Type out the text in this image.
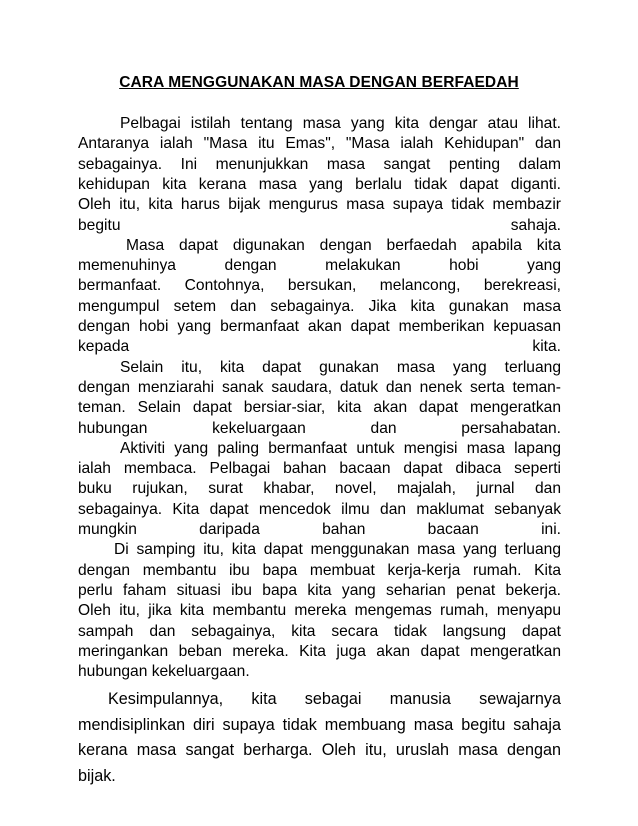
CARA MENGGUNAKAN MASA DENGAN BERFAEDAH
Pelbagai istilah tentang masa yang kita dengar atau lihat.
Antaranya ialah "Masa itu Emas", "Masa ialah Kehidupan" dan
sebagainya. Ini menunjukkan masa sangat penting dalam
kehidupan kita kerana masa yang berlalu tidak dapat diganti.
Oleh itu, kita harus bijak mengurus masa supaya tidak membazir
begitu sahaja.
Masa dapat digunakan dengan berfaedah apabila kita
memenuhinya dengan melakukan hobi yang
bermanfaat. Contohnya, bersukan, melancong, berekreasi,
mengumpul setem dan sebagainya. Jika kita gunakan masa
dengan hobi yang bermanfaat akan dapat memberikan kepuasan
kepada kita.
Selain itu, kita dapat gunakan masa yang terluang
dengan menziarahi sanak saudara, datuk dan nenek serta teman-
teman. Selain dapat bersiar-siar, kita akan dapat mengeratkan
hubungan kekeluargaan dan persahabatan.
Aktiviti yang paling bermanfaat untuk mengisi masa lapang
ialah membaca. Pelbagai bahan bacaan dapat dibaca seperti
buku rujukan, surat khabar, novel, majalah, jurnal dan
sebagainya. Kita dapat mencedok ilmu dan maklumat sebanyak
mungkin daripada bahan bacaan ini.
Di samping itu, kita dapat menggunakan masa yang terluang
dengan membantu ibu bapa membuat kerja-kerja rumah. Kita
perlu faham situasi ibu bapa kita yang seharian penat bekerja.
Oleh itu, jika kita membantu mereka mengemas rumah, menyapu
sampah dan sebagainya, kita secara tidak langsung dapat
meringankan beban mereka. Kita juga akan dapat mengeratkan
hubungan kekeluargaan.
Kesimpulannya, kita sebagai manusia sewajarnya
mendisiplinkan diri supaya tidak membuang masa begitu sahaja
kerana masa sangat berharga. Oleh itu, uruslah masa dengan
bijak.
